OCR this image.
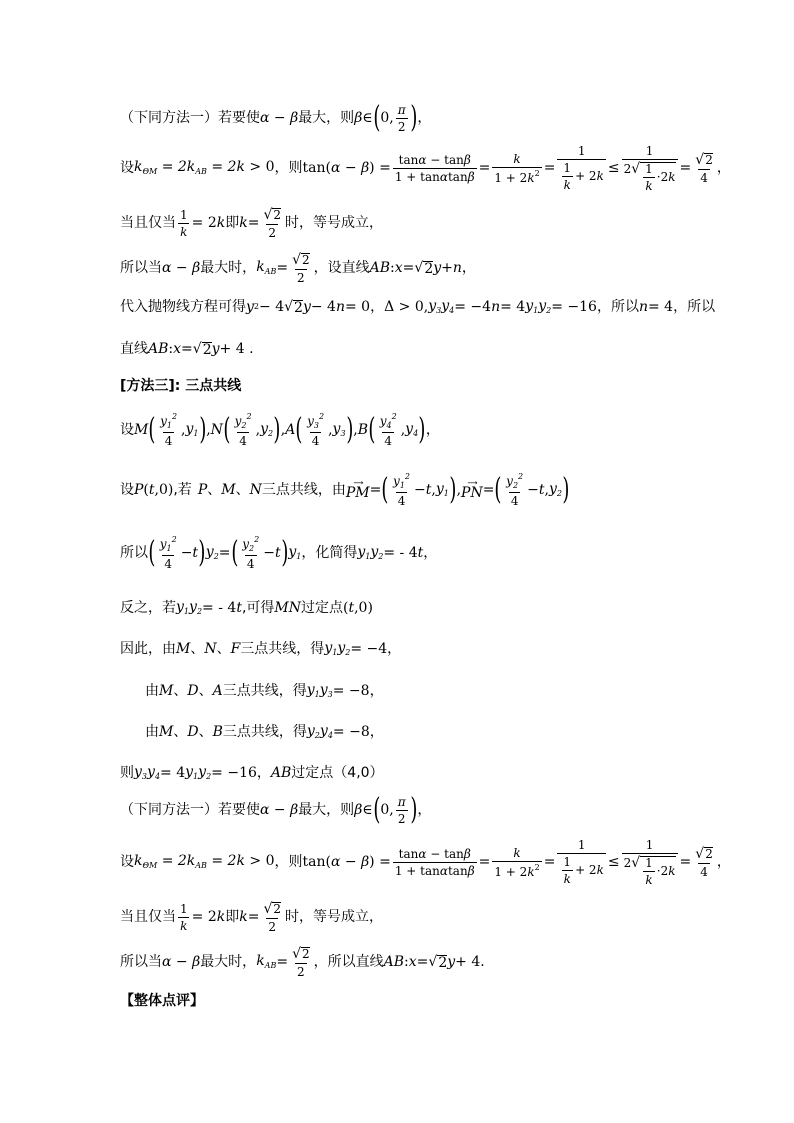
（下同方法一）若要使 α − β 最大，则 β ∈ ( 0, $\frac{\pi}{2}$ ) ，
设 $k_{\Theta M} = 2k_{AB} = 2k > 0$ ，则 tan ( α − β ) = $\frac{\tan\alpha - \tan\beta}{1 + \tan\alpha\tan\beta} = \frac{k}{1 + 2k^2} = \frac{1}{\frac{1}{k} + 2k} \le \frac{1}{2 √ \frac{1}{k} \cdot 2k} = \frac{√ 2}{4}$ ，
当且仅当 $\frac{1}{k} = 2k$ 即 $k = \frac{√ 2}{2}$ 时，等号成立，
所以当 α − β 最大时， $k_{AB} = \frac{√ 2}{2}$ ，设直线 AB : x = √ 2 y + n ，
代入抛物线方程可得 y 2 − 4 √ 2 y − 4 n = 0 ， Δ > 0, $y_3y_4 = -4$ n = 4 $y_1y_2 = -16$ ，所以 n = 4 ，所以
直线 AB : x = √ 2 y + 4 .
[方法三]: 三点共线
设 M ( $\frac{y_1^2}{4}$ , $y_1$ ) , N ( $\frac{y_2^2}{4}$ , $y_2$ ) , A ( $\frac{y_3^2}{4}$ , $y_3$ ) , B ( $\frac{y_4^2}{4}$ , $y_4$ ) ，
设 P ( t ,0) ,若 P 、 M 、 N 三点共线，由 ⟶
PM = ( $\frac{y_1^2}{4} - t$ , $y_1$ ) , ⟶
PN = ( $\frac{y_2^2}{4} - t$ , $y_2$ )
所以 ( $\frac{y_1^2}{4} - t$ ) $y_2$ = ( $\frac{y_2^2}{4} - t$ ) $y_1$ ，化简得 $y_1y_2$ = - 4 t ，
反之，若 $y_1y_2$ = - 4 t ,可得 MN 过定点 ( t ,0)
因此，由 M 、 N 、 F 三点共线，得 $y_1y_2 = -4$ ，
由 M 、 D 、 A 三点共线，得 $y_1y_3 = -8$ ，
由 M 、 D 、 B 三点共线，得 $y_2y_4 = -8$ ，
则 $y_3y_4 = 4$ $y_1y_2 = -16$ ， AB 过定点 （4,0）
（下同方法一）若要使 α − β 最大，则 β ∈ ( 0, $\frac{\pi}{2}$ ) ，
设 $k_{\Theta M} = 2k_{AB} = 2k > 0$ ，则 tan ( α − β ) = $\frac{\tan\alpha - \tan\beta}{1 + \tan\alpha\tan\beta} = \frac{k}{1 + 2k^2} = \frac{1}{\frac{1}{k} + 2k} \le \frac{1}{2 √ \frac{1}{k} \cdot 2k} = \frac{√ 2}{4}$ ，
当且仅当 $\frac{1}{k} = 2k$ 即 $k = \frac{√ 2}{2}$ 时，等号成立，
所以当 α − β 最大时， $k_{AB} = \frac{√ 2}{2}$ ，所以直线 AB : x = √ 2 y + 4 .
【整体点评】
